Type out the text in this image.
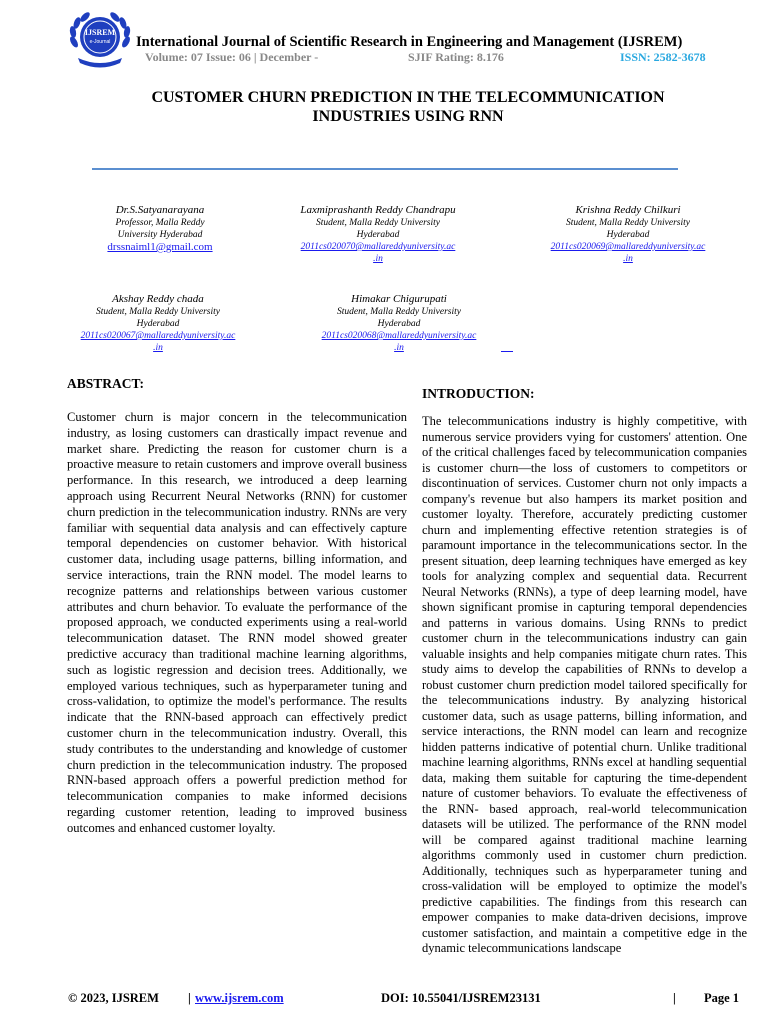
IJSREM
e-Journal International Journal of Scientific Research in Engineering and Management (IJSREM)
Volume: 07 Issue: 06 | December -	SJIF Rating: 8.176	ISSN: 2582-3678
CUSTOMER CHURN PREDICTION IN THE TELECOMMUNICATION
INDUSTRIES USING RNN
Dr.S.Satyanarayana
Professor, Malla Reddy
University Hyderabad
drssnaiml1@gmail.com
Laxmiprashanth Reddy Chandrapu
Student, Malla Reddy University
Hyderabad
2011cs020070@mallareddyuniversity.ac
.in
Krishna Reddy Chilkuri
Student, Malla Reddy University
Hyderabad
2011cs020069@mallareddyuniversity.ac
.in
Akshay Reddy chada
Student, Malla Reddy University
Hyderabad
2011cs020067@mallareddyuniversity.ac
.in
Himakar Chigurupati
Student, Malla Reddy University
Hyderabad
2011cs020068@mallareddyuniversity.ac
.in
ABSTRACT:
Customer churn is major concern in the telecommunication industry, as losing customers can drastically impact revenue and market share. Predicting the reason for customer churn is a proactive measure to retain customers and improve overall business performance. In this research, we introduced a deep learning approach using Recurrent Neural Networks (RNN) for customer churn prediction in the telecommunication industry. RNNs are very familiar with sequential data analysis and can effectively capture temporal dependencies on customer behavior. With historical customer data, including usage patterns, billing information, and service interactions, train the RNN model. The model learns to recognize patterns and relationships between various customer attributes and churn behavior. To evaluate the performance of the proposed approach, we conducted experiments using a real-world telecommunication dataset. The RNN model showed greater predictive accuracy than traditional machine learning algorithms, such as logistic regression and decision trees. Additionally, we employed various techniques, such as hyperparameter tuning and cross-validation, to optimize the model's performance. The results indicate that the RNN-based approach can effectively predict customer churn in the telecommunication industry. Overall, this study contributes to the understanding and knowledge of customer churn prediction in the telecommunication industry. The proposed RNN-based approach offers a powerful prediction method for telecommunication companies to make informed decisions regarding customer retention, leading to improved business outcomes and enhanced customer loyalty.
INTRODUCTION:
The telecommunications industry is highly competitive, with numerous service providers vying for customers' attention. One of the critical challenges faced by telecommunication companies is customer churn—the loss of customers to competitors or discontinuation of services. Customer churn not only impacts a company's revenue but also hampers its market position and customer loyalty. Therefore, accurately predicting customer churn and implementing effective retention strategies is of paramount importance in the telecommunications sector. In the present situation, deep learning techniques have emerged as key tools for analyzing complex and sequential data. Recurrent Neural Networks (RNNs), a type of deep learning model, have shown significant promise in capturing temporal dependencies and patterns in various domains. Using RNNs to predict customer churn in the telecommunications industry can gain valuable insights and help companies mitigate churn rates. This study aims to develop the capabilities of RNNs to develop a robust customer churn prediction model tailored specifically for the telecommunications industry. By analyzing historical customer data, such as usage patterns, billing information, and service interactions, the RNN model can learn and recognize hidden patterns indicative of potential churn. Unlike traditional machine learning algorithms, RNNs excel at handling sequential data, making them suitable for capturing the time-dependent nature of customer behaviors. To evaluate the effectiveness of the RNN- based approach, real-world telecommunication datasets will be utilized. The performance of the RNN model will be compared against traditional machine learning algorithms commonly used in customer churn prediction. Additionally, techniques such as hyperparameter tuning and cross-validation will be employed to optimize the model's predictive capabilities. The findings from this research can empower companies to make data-driven decisions, improve customer satisfaction, and maintain a competitive edge in the dynamic telecommunications landscape
© 2023, IJSREM | www.ijsrem.com	DOI: 10.55041/IJSREM23131	| Page 1
